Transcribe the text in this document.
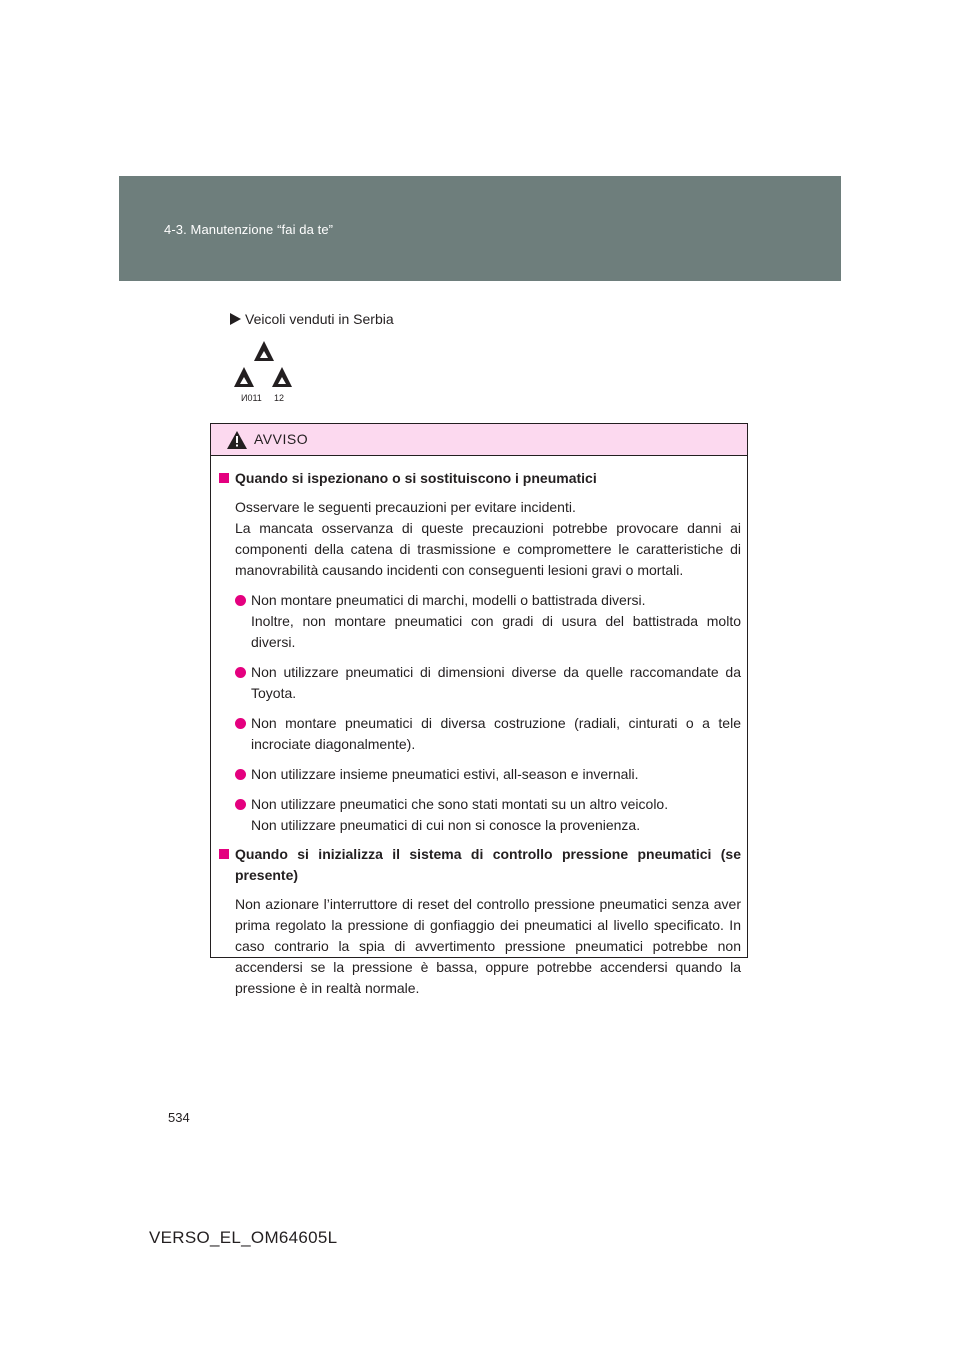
4-3. Manutenzione “fai da te”
Veicoli venduti in Serbia
И011 12
AVVISO
Quando si ispezionano o si sostituiscono i pneumatici
Osservare le seguenti precauzioni per evitare incidenti.
La mancata osservanza di queste precauzioni potrebbe provocare danni ai componenti della catena di trasmissione e compromettere le caratteristiche di manovrabilità causando incidenti con conseguenti lesioni gravi o mortali.
Non montare pneumatici di marchi, modelli o battistrada diversi.
Inoltre, non montare pneumatici con gradi di usura del battistrada molto diversi.
Non utilizzare pneumatici di dimensioni diverse da quelle raccomandate da Toyota.
Non montare pneumatici di diversa costruzione (radiali, cinturati o a tele incrociate diagonalmente).
Non utilizzare insieme pneumatici estivi, all-season e invernali.
Non utilizzare pneumatici che sono stati montati su un altro veicolo.
Non utilizzare pneumatici di cui non si conosce la provenienza.
Quando si inizializza il sistema di controllo pressione pneumatici (se presente)
Non azionare l’interruttore di reset del controllo pressione pneumatici senza aver prima regolato la pressione di gonfiaggio dei pneumatici al livello specificato. In caso contrario la spia di avvertimento pressione pneumatici potrebbe non accendersi se la pressione è bassa, oppure potrebbe accendersi quando la pressione è in realtà normale.
534
VERSO_EL_OM64605L
